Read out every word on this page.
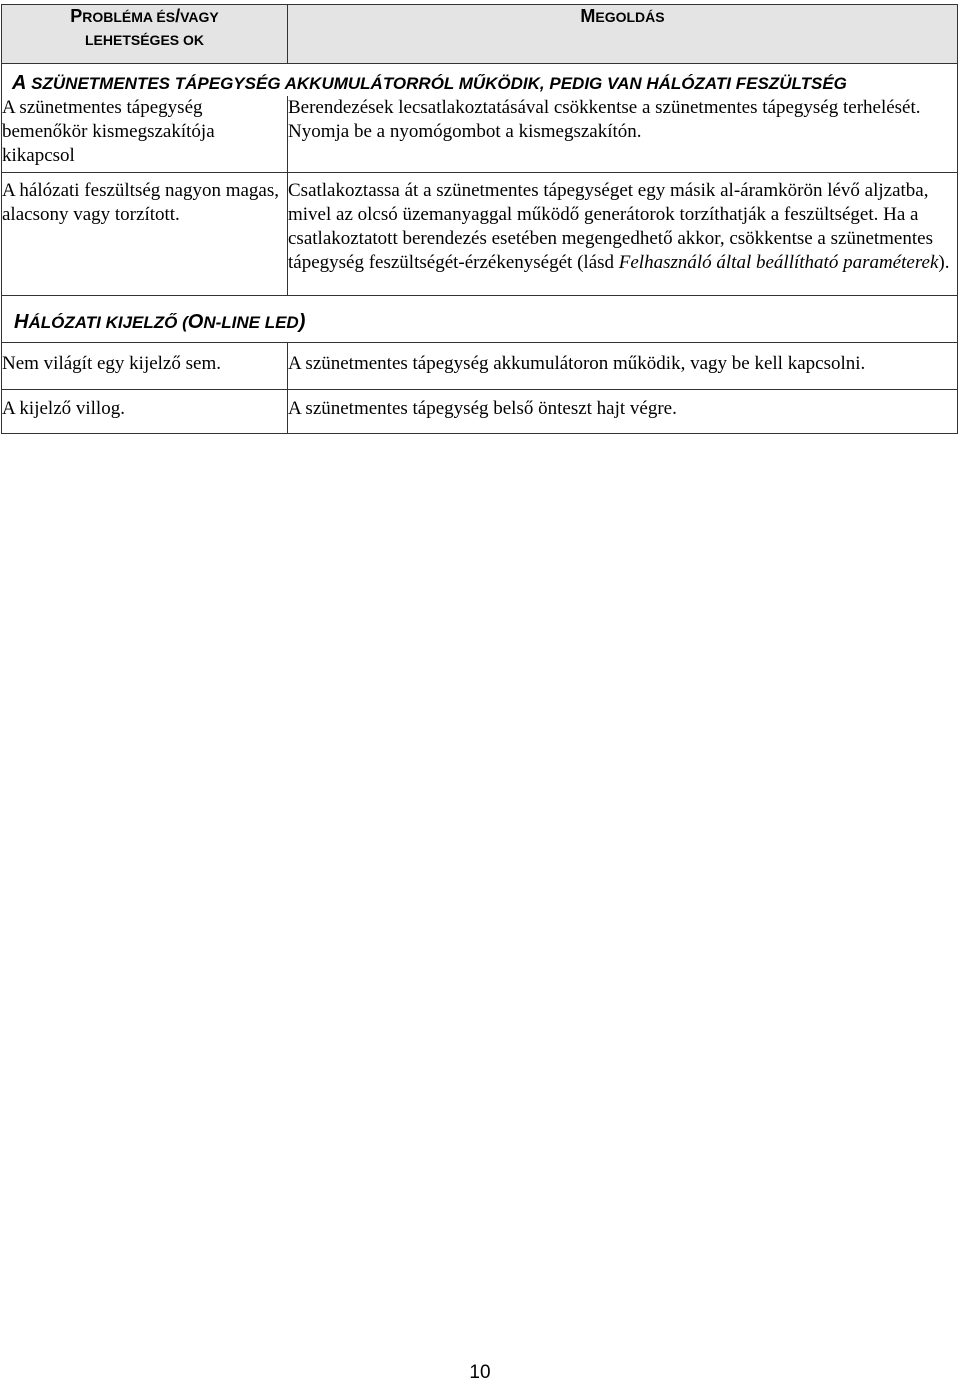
PROBLÉMA ÉS/VAGY
LEHETSÉGES OK	MEGOLDÁS
A SZÜNETMENTES TÁPEGYSÉG AKKUMULÁTORRÓL MŰKÖDIK, PEDIG VAN HÁLÓZATI FESZÜLTSÉG	
A szünetmentes tápegység bemenőkör kismegszakítója kikapcsol	Berendezések lecsatlakoztatásával csökkentse a szünetmentes tápegység terhelését. Nyomja be a nyomógombot a kismegszakítón.
A hálózati feszültség nagyon magas, alacsony vagy torzított.	Csatlakoztassa át a szünetmentes tápegységet egy másik al-áramkörön lévő aljzatba, mivel az olcsó üzemanyaggal működő generátorok torzíthatják a feszültséget. Ha a csatlakoztatott berendezés esetében megengedhető akkor, csökkentse a szünetmentes tápegység feszültségét-érzékenységét (lásd Felhasználó által beállítható paraméterek).
HÁLÓZATI KIJELZŐ (ON-LINE LED)	
Nem világít egy kijelző sem.	A szünetmentes tápegység akkumulátoron működik, vagy be kell kapcsolni.
A kijelző villog.	A szünetmentes tápegység belső önteszt hajt végre.
10
